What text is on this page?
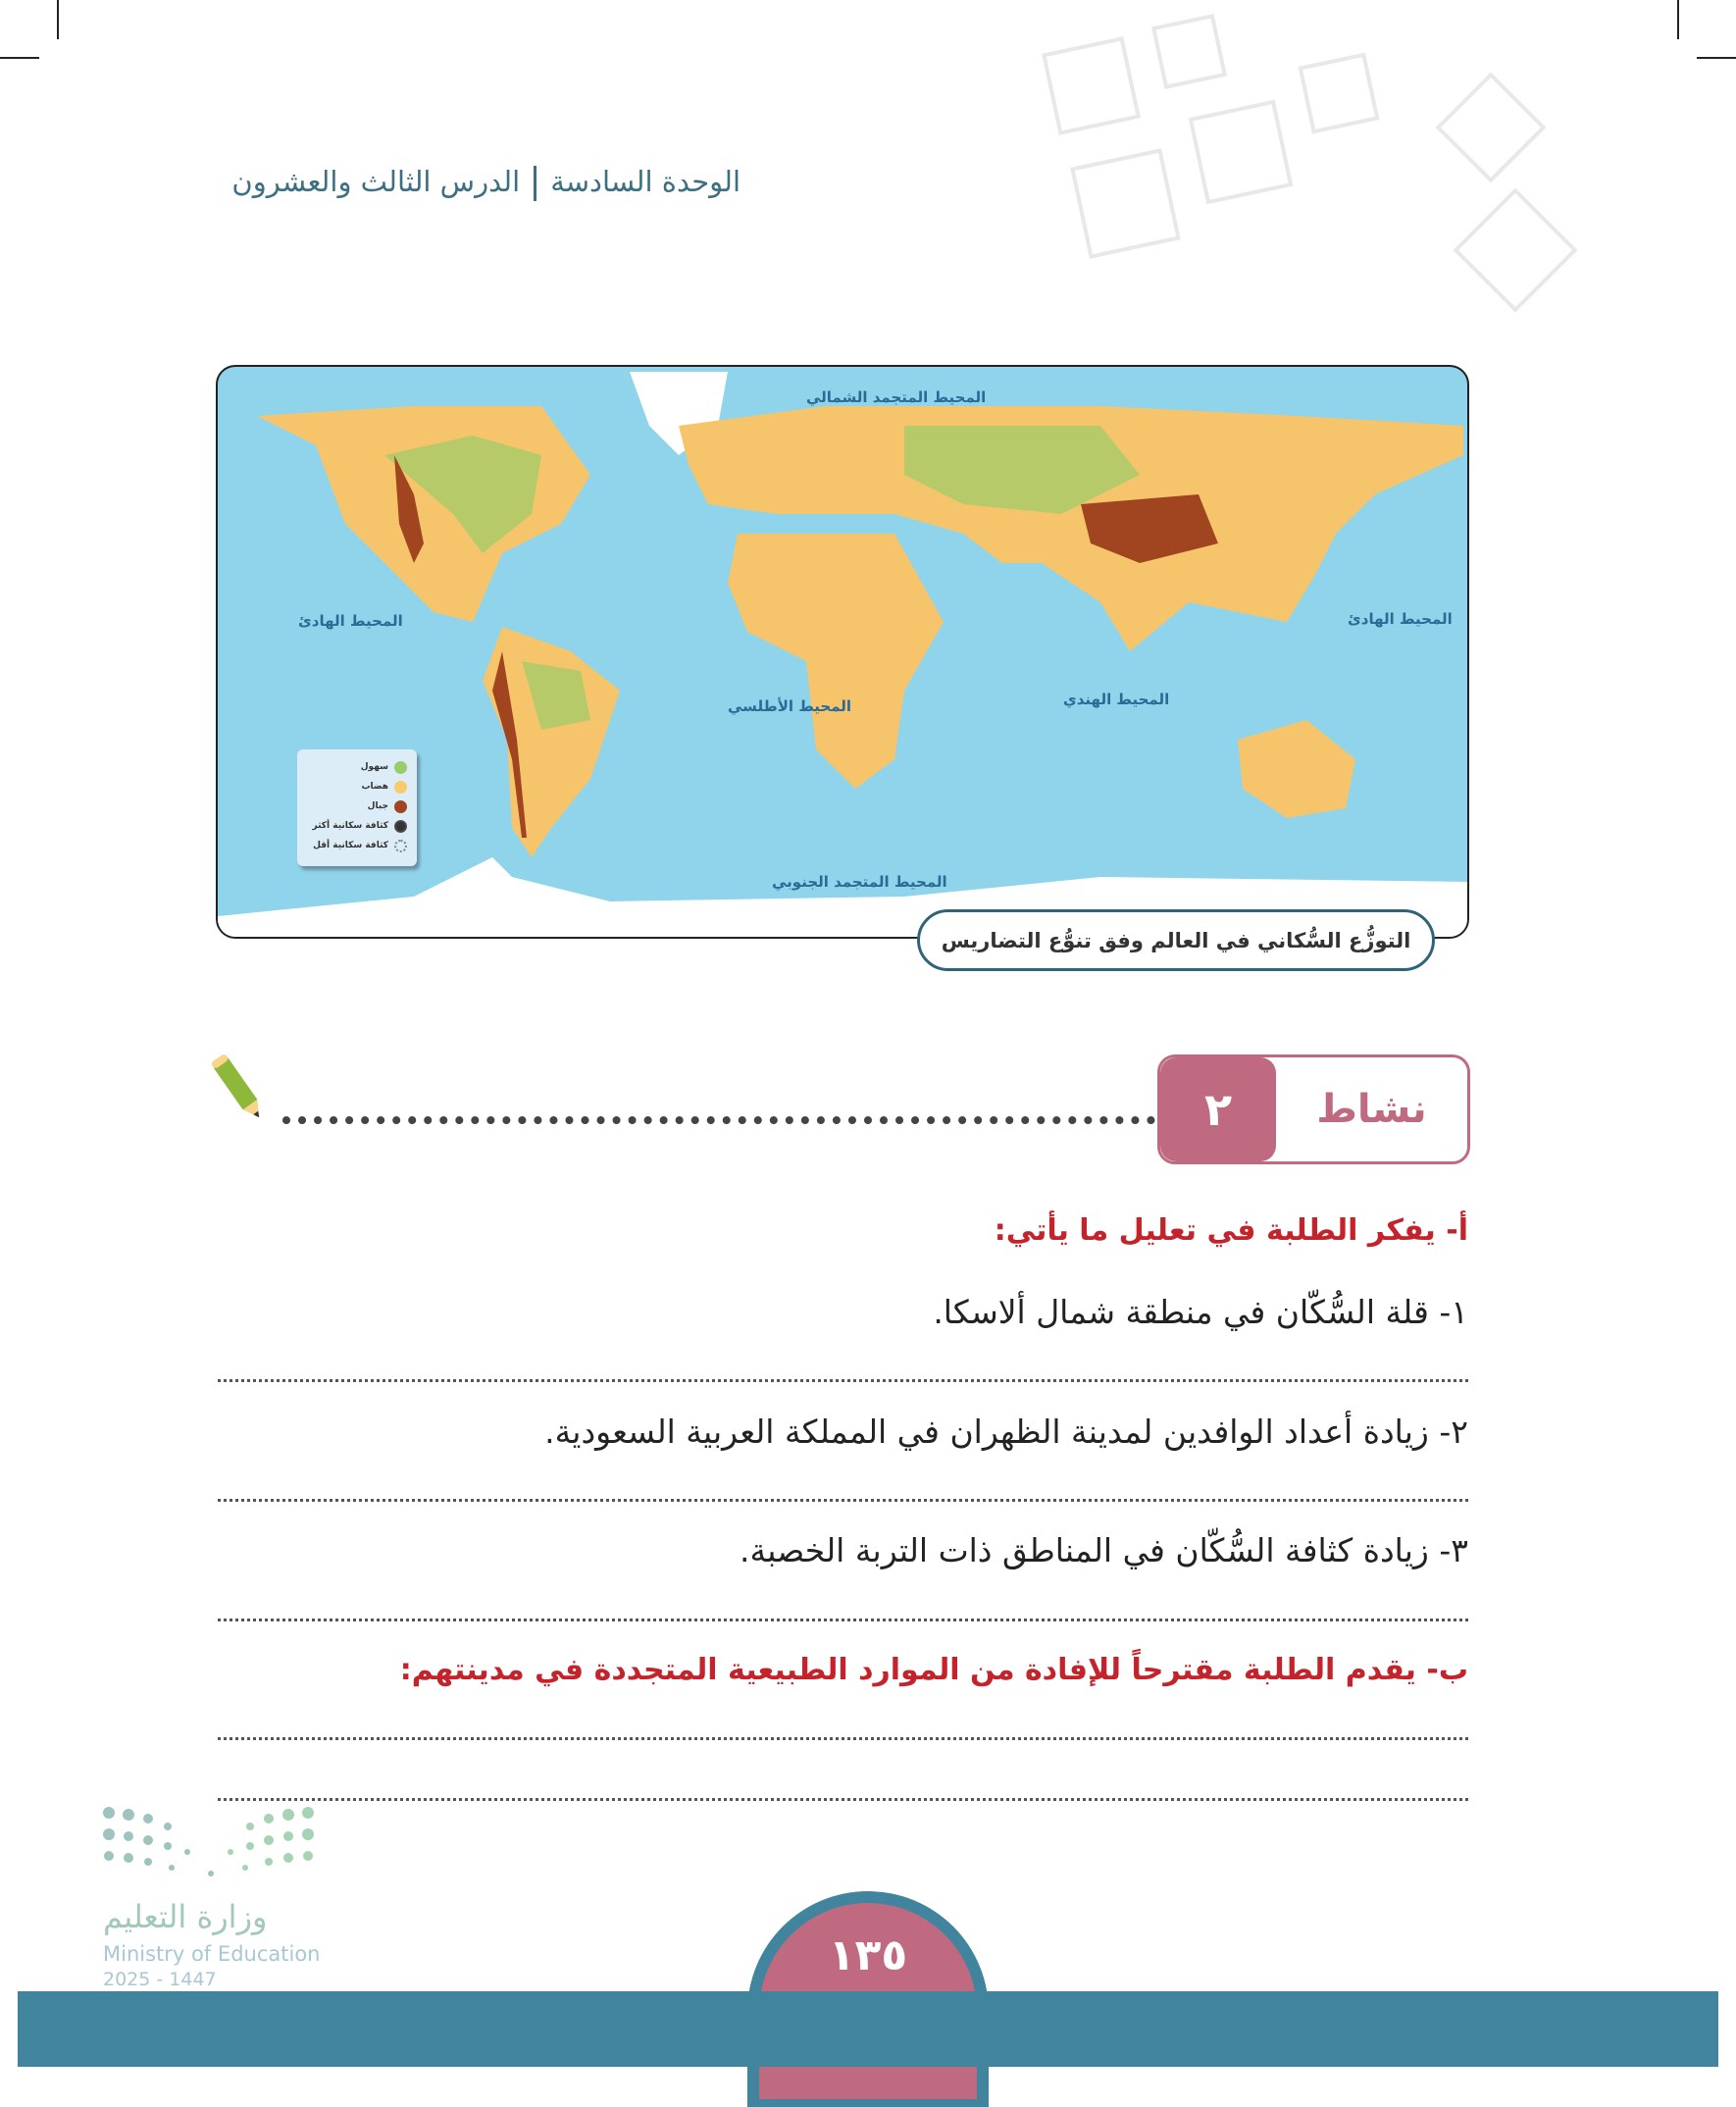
الوحدة السادسةالدرس الثالث والعشرون
المحيط المتجمد الشمالي
المحيط الهادئ	المحيط الهادئ
المحيط الأطلسي	المحيط الهندي
المحيط المتجمد الجنوبي
سهول
هضاب
جبال
كثافة سكانية أكثر
كثافة سكانية أقل
التوزُّع السُّكاني في العالم وفق تنوُّع التضاريس
٢	نشاط
أ- يفكر الطلبة في تعليل ما يأتي:
١- قلة السُّكّان في منطقة شمال ألاسكا.
٢- زيادة أعداد الوافدين لمدينة الظهران في المملكة العربية السعودية.
٣- زيادة كثافة السُّكّان في المناطق ذات التربة الخصبة.
ب- يقدم الطلبة مقترحاً للإفادة من الموارد الطبيعية المتجددة في مدينتهم:
وزارة التعليم
Ministry of Education
2025 - 1447	١٣٥
